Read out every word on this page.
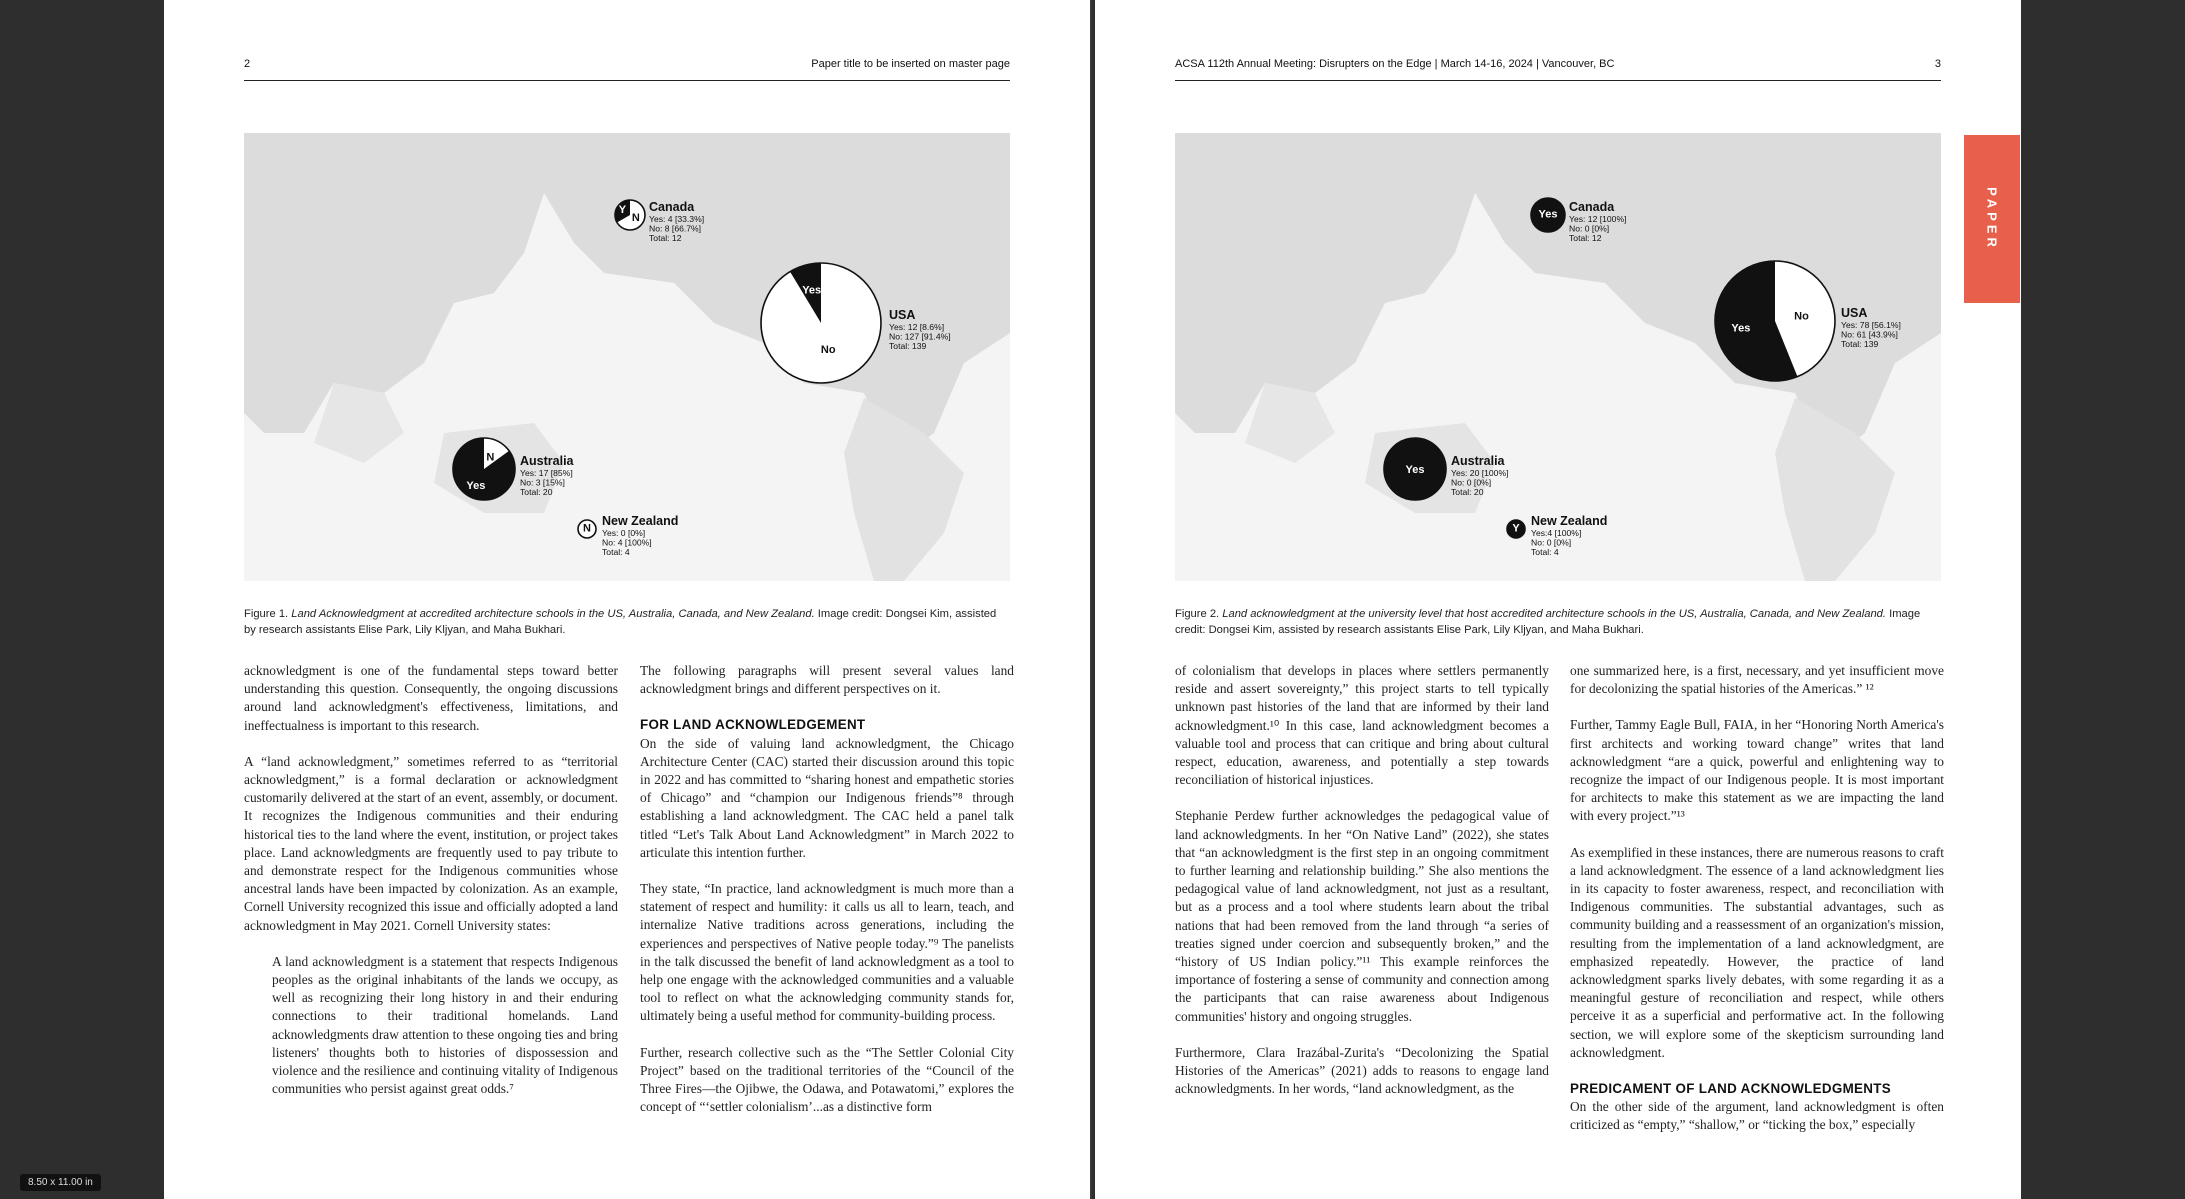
2	Paper title to be inserted on master page
Y
N
Canada
Yes: 4 [33.3%]
No: 8 [66.7%]
Total: 12
Yes
No
USA
Yes: 12 [8.6%]
No: 127 [91.4%]
Total: 139
Yes
N Australia
Yes: 17 [85%]
No: 3 [15%]
Total: 20
N
New Zealand
Yes: 0 [0%]
No: 4 [100%]
Total: 4
Figure 1. Land Acknowledgment at accredited architecture schools in the US, Australia, Canada, and New Zealand. Image credit: Dongsei Kim, assisted by research assistants Elise Park, Lily Kljyan, and Maha Bukhari.

acknowledgment is one of the fundamental steps toward better understanding this question. Consequently, the ongoing discussions around land acknowledgment's effectiveness, limitations, and ineffectualness is important to this research.

A “land acknowledgment,” sometimes referred to as “territorial acknowledgment,” is a formal declaration or acknowledgment customarily delivered at the start of an event, assembly, or document. It recognizes the Indigenous communities and their enduring historical ties to the land where the event, institution, or project takes place. Land acknowledgments are frequently used to pay tribute to and demonstrate respect for the Indigenous communities whose ancestral lands have been impacted by colonization. As an example, Cornell University recognized this issue and officially adopted a land acknowledgment in May 2021. Cornell University states:

A land acknowledgment is a statement that respects Indigenous peoples as the original inhabitants of the lands we occupy, as well as recognizing their long history in and their enduring connections to their traditional homelands. Land acknowledgments draw attention to these ongoing ties and bring listeners' thoughts both to histories of dispossession and violence and the resilience and continuing vitality of Indigenous communities who persist against great odds.⁷

The following paragraphs will present several values land acknowledgment brings and different perspectives on it.

FOR LAND ACKNOWLEDGEMENT

On the side of valuing land acknowledgment, the Chicago Architecture Center (CAC) started their discussion around this topic in 2022 and has committed to “sharing honest and empathetic stories of Chicago” and “champion our Indigenous friends”⁸ through establishing a land acknowledgment. The CAC held a panel talk titled “Let's Talk About Land Acknowledgment” in March 2022 to articulate this intention further.

They state, “In practice, land acknowledgment is much more than a statement of respect and humility: it calls us all to learn, teach, and internalize Native traditions across generations, including the experiences and perspectives of Native people today.”⁹ The panelists in the talk discussed the benefit of land acknowledgment as a tool to help one engage with the acknowledged communities and a valuable tool to reflect on what the acknowledging community stands for, ultimately being a useful method for community-building process.

Further, research collective such as the “The Settler Colonial City Project” based on the traditional territories of the “Council of the Three Fires—the Ojibwe, the Odawa, and Potawatomi,” explores the concept of “‘settler colonialism’...as a distinctive form

ACSA 112th Annual Meeting: Disrupters on the Edge | March 14-16, 2024 | Vancouver, BC	3
Yes
Canada
Yes: 12 [100%]
No: 0 [0%]
Total: 12
Yes
No	USA
Yes: 78 [56.1%]
No: 61 [43.9%]
Total: 139
Yes
Australia
Yes: 20 [100%]
No: 0 [0%]
Total: 20
Y
New Zealand
Yes:4 [100%]
No: 0 [0%]
Total: 4
Figure 2. Land acknowledgment at the university level that host accredited architecture schools in the US, Australia, Canada, and New Zealand. Image credit: Dongsei Kim, assisted by research assistants Elise Park, Lily Kljyan, and Maha Bukhari.

of colonialism that develops in places where settlers permanently reside and assert sovereignty,” this project starts to tell typically unknown past histories of the land that are informed by their land acknowledgment.¹⁰ In this case, land acknowledgment becomes a valuable tool and process that can critique and bring about cultural respect, education, awareness, and potentially a step towards reconciliation of historical injustices.

Stephanie Perdew further acknowledges the pedagogical value of land acknowledgments. In her “On Native Land” (2022), she states that “an acknowledgment is the first step in an ongoing commitment to further learning and relationship building.” She also mentions the pedagogical value of land acknowledgment, not just as a resultant, but as a process and a tool where students learn about the tribal nations that had been removed from the land through “a series of treaties signed under coercion and subsequently broken,” and the “history of US Indian policy.”¹¹ This example reinforces the importance of fostering a sense of community and connection among the participants that can raise awareness about Indigenous communities' history and ongoing struggles.

Furthermore, Clara Irazábal-Zurita's “Decolonizing the Spatial Histories of the Americas” (2021) adds to reasons to engage land acknowledgments. In her words, “land acknowledgment, as the

one summarized here, is a first, necessary, and yet insufficient move for decolonizing the spatial histories of the Americas.” ¹²

Further, Tammy Eagle Bull, FAIA, in her “Honoring North America's first architects and working toward change” writes that land acknowledgment “are a quick, powerful and enlightening way to recognize the impact of our Indigenous people. It is most important for architects to make this statement as we are impacting the land with every project.”¹³

As exemplified in these instances, there are numerous reasons to craft a land acknowledgment. The essence of a land acknowledgment lies in its capacity to foster awareness, respect, and reconciliation with Indigenous communities. The substantial advantages, such as community building and a reassessment of an organization's mission, resulting from the implementation of a land acknowledgment, are emphasized repeatedly. However, the practice of land acknowledgment sparks lively debates, with some regarding it as a meaningful gesture of reconciliation and respect, while others perceive it as a superficial and performative act. In the following section, we will explore some of the skepticism surrounding land acknowledgment.

PREDICAMENT OF LAND ACKNOWLEDGMENTS

On the other side of the argument, land acknowledgment is often criticized as “empty,” “shallow,” or “ticking the box,” especially

PAPER
8.50 x 11.00 in
